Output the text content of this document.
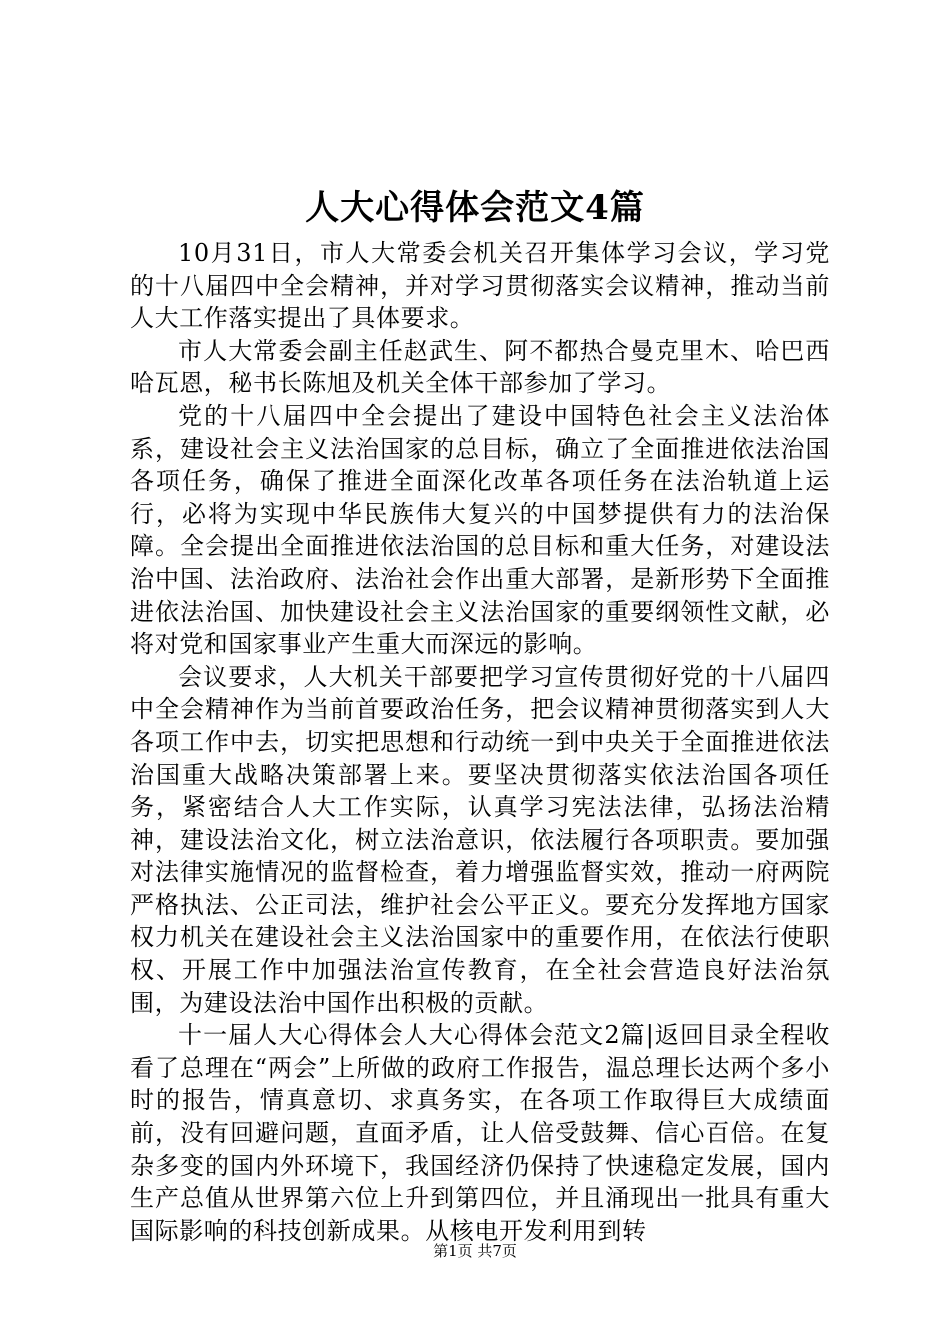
人大心得体会范文4篇

10月31日，市人大常委会机关召开集体学习会议，学习党的十八届四中全会精神，并对学习贯彻落实会议精神，推动当前人大工作落实提出了具体要求。

市人大常委会副主任赵武生、阿不都热合曼克里木、哈巴西哈瓦恩，秘书长陈旭及机关全体干部参加了学习。

党的十八届四中全会提出了建设中国特色社会主义法治体系，建设社会主义法治国家的总目标，确立了全面推进依法治国各项任务，确保了推进全面深化改革各项任务在法治轨道上运行，必将为实现中华民族伟大复兴的中国梦提供有力的法治保障。全会提出全面推进依法治国的总目标和重大任务，对建设法治中国、法治政府、法治社会作出重大部署，是新形势下全面推进依法治国、加快建设社会主义法治国家的重要纲领性文献，必将对党和国家事业产生重大而深远的影响。

会议要求，人大机关干部要把学习宣传贯彻好党的十八届四中全会精神作为当前首要政治任务，把会议精神贯彻落实到人大各项工作中去，切实把思想和行动统一到中央关于全面推进依法治国重大战略决策部署上来。要坚决贯彻落实依法治国各项任务，紧密结合人大工作实际，认真学习宪法法律，弘扬法治精神，建设法治文化，树立法治意识，依法履行各项职责。要加强对法律实施情况的监督检查，着力增强监督实效，推动一府两院严格执法、公正司法，维护社会公平正义。要充分发挥地方国家权力机关在建设社会主义法治国家中的重要作用，在依法行使职权、开展工作中加强法治宣传教育，在全社会营造良好法治氛围，为建设法治中国作出积极的贡献。

十一届人大心得体会人大心得体会范文2篇|返回目录全程收看了总理在“两会”上所做的政府工作报告，温总理长达两个多小时的报告，情真意切、求真务实，在各项工作取得巨大成绩面前，没有回避问题，直面矛盾，让人倍受鼓舞、信心百倍。在复杂多变的国内外环境下，我国经济仍保持了快速稳定发展，国内生产总值从世界第六位上升到第四位，并且涌现出一批具有重大国际影响的科技创新成果。从核电开发利用到转

第1页 共7页
